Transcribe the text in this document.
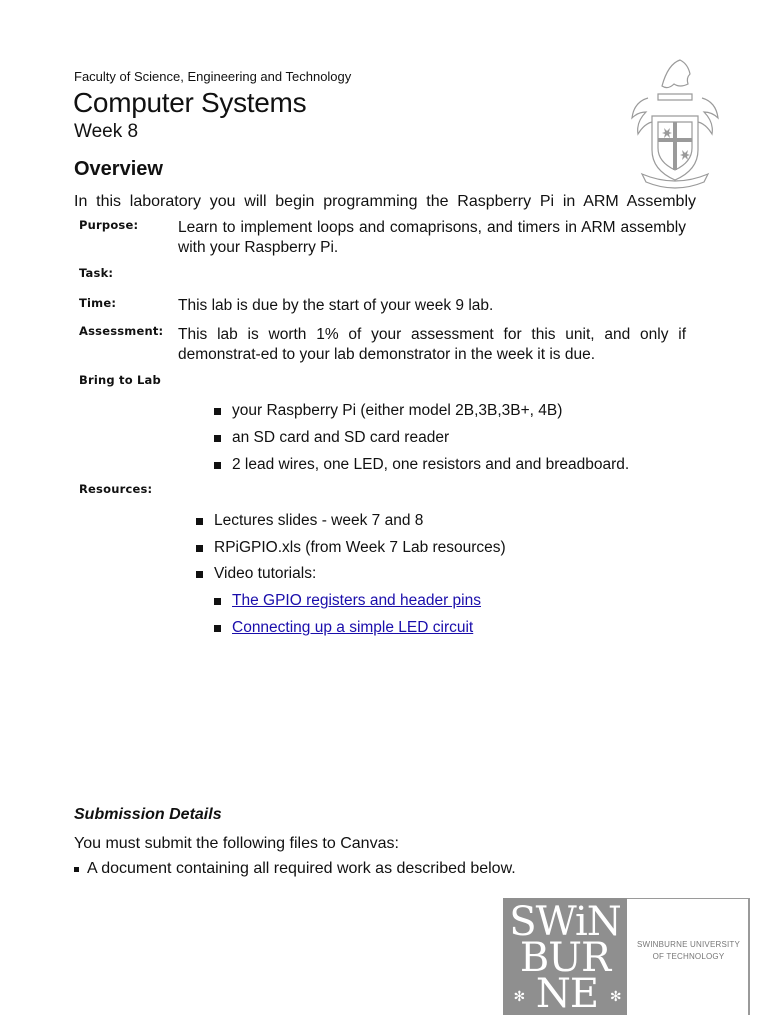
Faculty of Science, Engineering and Technology
Computer Systems
Week 8
Overview
In this laboratory you will begin programming the Raspberry Pi in ARM Assembly
Purpose:	Learn to implement loops and comaprisons, and timers in ARM assembly with your Raspberry Pi.
Task:
Time:	This lab is due by the start of your week 9 lab.
Assessment: This lab is worth 1% of your assessment for this unit, and only if demonstrat-ed to your lab demonstrator in the week it is due.
Bring to Lab
your Raspberry Pi (either model 2B,3B,3B+, 4B)
an SD card and SD card reader
2 lead wires, one LED, one resistors and and breadboard.
Resources:
Lectures slides - week 7 and 8
RPiGPIO.xls (from Week 7 Lab resources)
Video tutorials:
The GPIO registers and header pins
Connecting up a simple LED circuit
Submission Details
You must submit the following files to Canvas:
A document containing all required work as described below.
SWiN
BUR
✻ NE ✻
SWINBURNE UNIVERSITY
OF TECHNOLOGY
